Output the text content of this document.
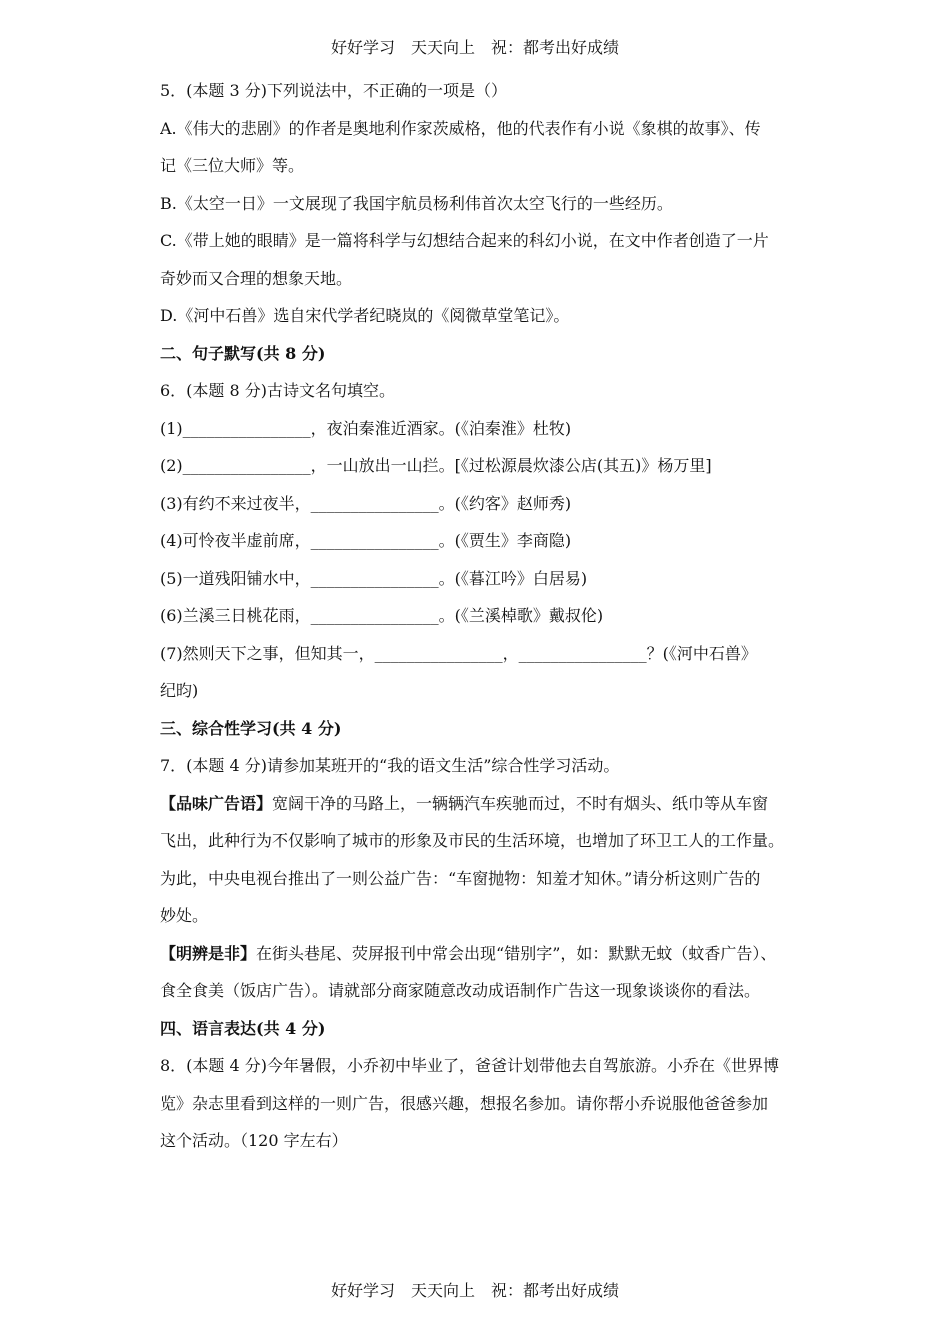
好好学习　天天向上　祝：都考出好成绩
5．(本题 3 分)下列说法中，不正确的一项是（）
A.《伟大的悲剧》的作者是奥地利作家茨威格，他的代表作有小说《象棋的故事》、传
记《三位大师》等。
B.《太空一日》一文展现了我国宇航员杨利伟首次太空飞行的一些经历。
C.《带上她的眼睛》是一篇将科学与幻想结合起来的科幻小说，在文中作者创造了一片
奇妙而又合理的想象天地。
D.《河中石兽》选自宋代学者纪晓岚的《阅微草堂笔记》。
二、句子默写(共 8 分)
6．(本题 8 分)古诗文名句填空。
(1)________________，夜泊秦淮近酒家。(《泊秦淮》杜牧)
(2)________________，一山放出一山拦。[《过松源晨炊漆公店(其五)》杨万里]
(3)有约不来过夜半，________________。(《约客》赵师秀)
(4)可怜夜半虚前席，________________。(《贾生》李商隐)
(5)一道残阳铺水中，________________。(《暮江吟》白居易)
(6)兰溪三日桃花雨，________________。(《兰溪棹歌》戴叔伦)
(7)然则天下之事，但知其一，________________，________________？(《河中石兽》
纪昀)
三、综合性学习(共 4 分)
7．(本题 4 分)请参加某班开的“我的语文生活”综合性学习活动。
【品味广告语】宽阔干净的马路上，一辆辆汽车疾驰而过，不时有烟头、纸巾等从车窗
飞出，此种行为不仅影响了城市的形象及市民的生活环境，也增加了环卫工人的工作量。
为此，中央电视台推出了一则公益广告：“车窗抛物：知羞才知休。”请分析这则广告的
妙处。
【明辨是非】在街头巷尾、荧屏报刊中常会出现“错别字”，如：默默无蚊（蚊香广告）、
食全食美（饭店广告）。请就部分商家随意改动成语制作广告这一现象谈谈你的看法。
四、语言表达(共 4 分)
8．(本题 4 分)今年暑假，小乔初中毕业了，爸爸计划带他去自驾旅游。小乔在《世界博
览》杂志里看到这样的一则广告，很感兴趣，想报名参加。请你帮小乔说服他爸爸参加
这个活动。（120 字左右）
好好学习　天天向上　祝：都考出好成绩
